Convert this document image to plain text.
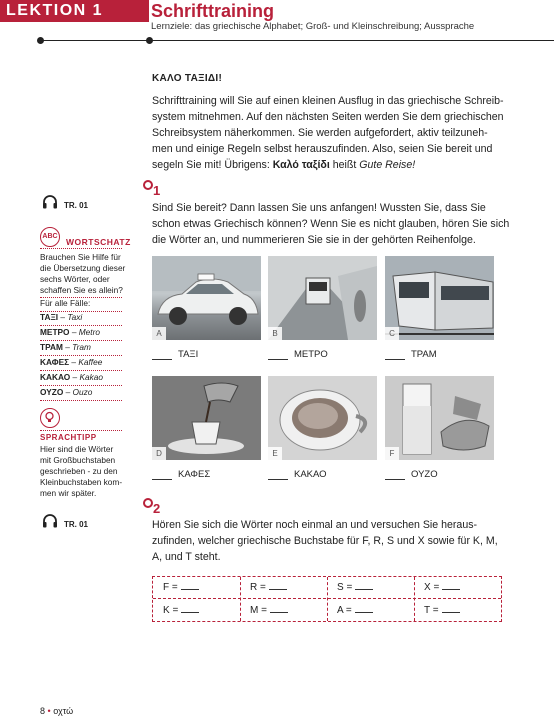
LEKTION 1	Schrifttraining
Lernziele: das griechische Alphabet; Groß- und Kleinschreibung; Aussprache
ΚΑΛΟ ΤΑΞΙΔΙ!
Schrifttraining will Sie auf einen kleinen Ausflug in das griechische Schreib-
system mitnehmen. Auf den nächsten Seiten werden Sie dem griechischen
Schreibsystem näherkommen. Sie werden aufgefordert, aktiv teilzuneh-
men und einige Regeln selbst herauszufinden. Also, seien Sie bereit und
segeln Sie mit! Übrigens: Καλό ταξίδι heißt Gute Reise!
TR. 01
ABC
WORTSCHATZ
Brauchen Sie Hilfe für
die Übersetzung dieser
sechs Wörter, oder
schaffen Sie es allein?
Für alle Fälle:
ΤΑΞΙ – Taxi
ΜΕΤΡΟ – Metro
ΤΡΑΜ – Tram
ΚΑΦΕΣ – Kaffee
ΚΑΚΑΟ – Kakao
ΟΥΖΟ – Ouzo
SPRACHTIPP
Hier sind die Wörter
mit Großbuchstaben
geschrieben - zu den
Kleinbuchstaben kom-
men wir später.
1
Sind Sie bereit? Dann lassen Sie uns anfangen! Wussten Sie, dass Sie
schon etwas Griechisch können? Wenn Sie es nicht glauben, hören Sie sich
die Wörter an, und nummerieren Sie sie in der gehörten Reihenfolge.
A	B	C
ΤΑΞΙ	ΜΕΤΡΟ	ΤΡΑΜ
D	E	F
ΚΑΦΕΣ	ΚΑΚΑΟ	ΟΥΖΟ
TR. 01
2
Hören Sie sich die Wörter noch einmal an und versuchen Sie heraus-
zufinden, welcher griechische Buchstabe für F, R, S und X sowie für K, M,
A, und T steht.
F =	R =	S =	X =
K =	M =	A =	T =
8 • οχτώ
